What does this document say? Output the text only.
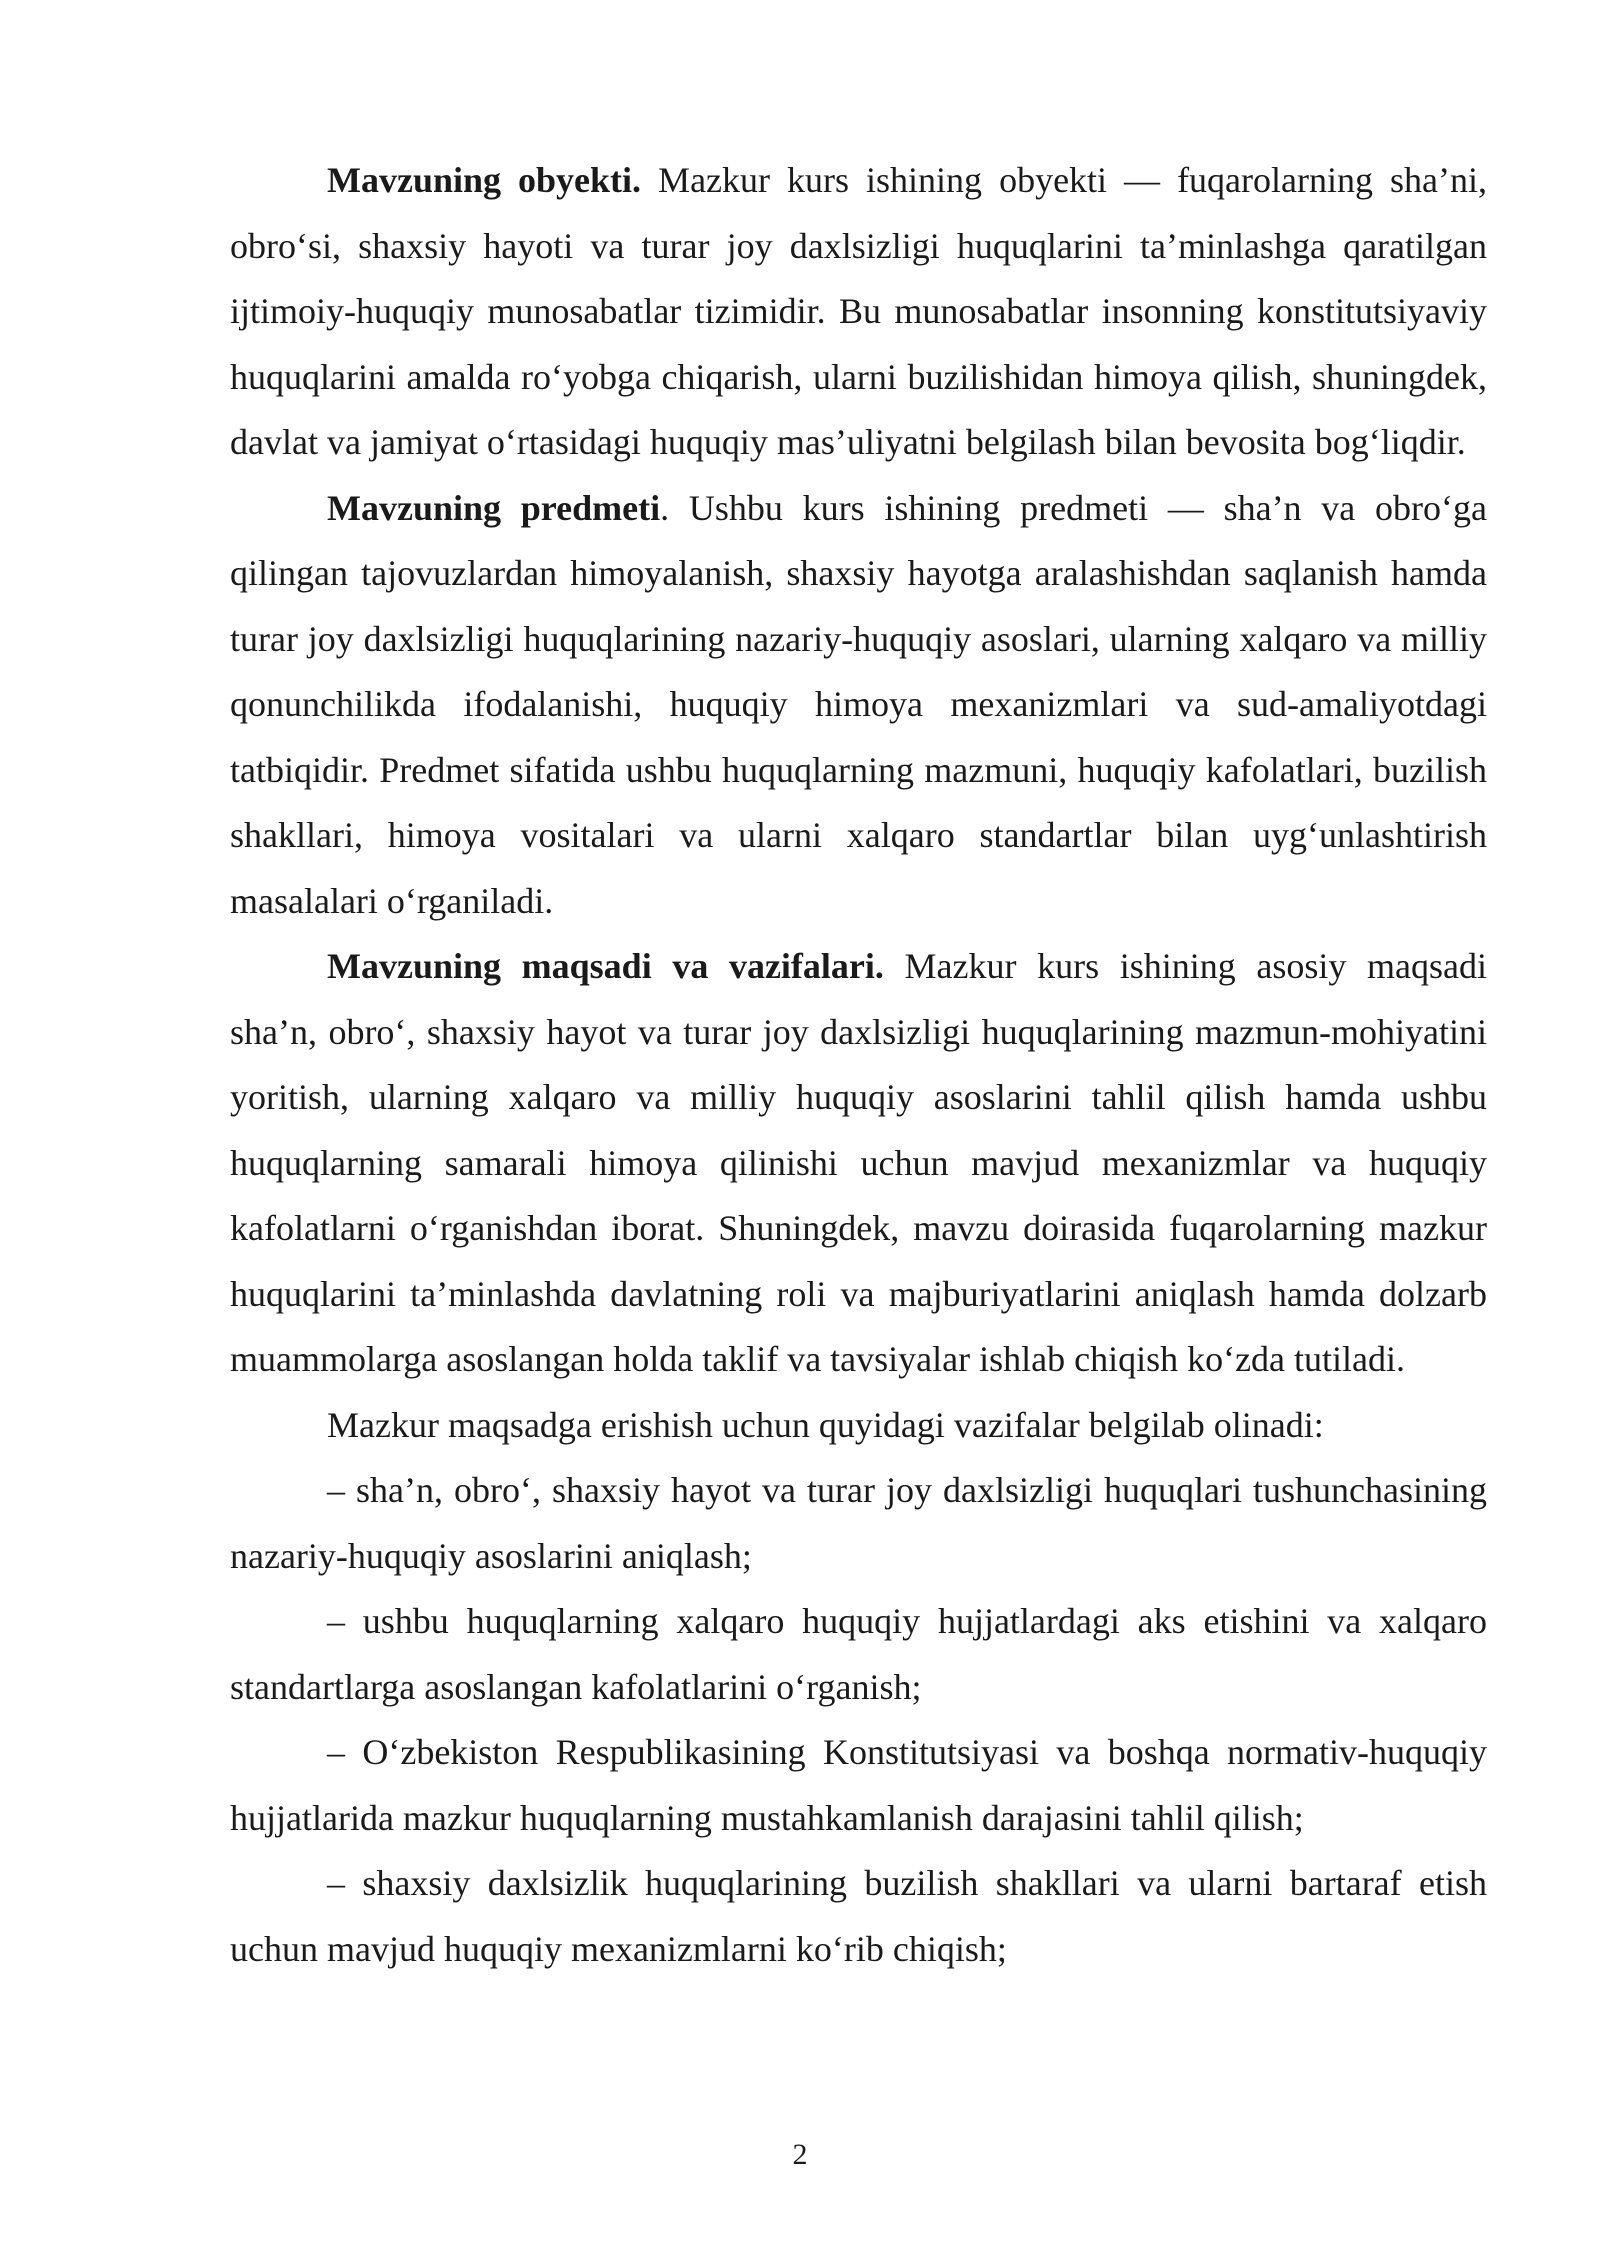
Mavzuning obyekti. Mazkur kurs ishining obyekti — fuqarolarning sha’ni, obro‘si, shaxsiy hayoti va turar joy daxlsizligi huquqlarini ta’minlashga qaratilgan ijtimoiy-huquqiy munosabatlar tizimidir. Bu munosabatlar insonning konstitutsiyaviy huquqlarini amalda ro‘yobga chiqarish, ularni buzilishidan himoya qilish, shuningdek, davlat va jamiyat o‘rtasidagi huquqiy mas’uliyatni belgilash bilan bevosita bog‘liqdir.

Mavzuning predmeti. Ushbu kurs ishining predmeti — sha’n va obro‘ga qilingan tajovuzlardan himoyalanish, shaxsiy hayotga aralashishdan saqlanish hamda turar joy daxlsizligi huquqlarining nazariy-huquqiy asoslari, ularning xalqaro va milliy qonunchilikda ifodalanishi, huquqiy himoya mexanizmlari va sud-amaliyotdagi tatbiqidir. Predmet sifatida ushbu huquqlarning mazmuni, huquqiy kafolatlari, buzilish shakllari, himoya vositalari va ularni xalqaro standartlar bilan uyg‘unlashtirish masalalari o‘rganiladi.

Mavzuning maqsadi va vazifalari. Mazkur kurs ishining asosiy maqsadi sha’n, obro‘, shaxsiy hayot va turar joy daxlsizligi huquqlarining mazmun-mohiyatini yoritish, ularning xalqaro va milliy huquqiy asoslarini tahlil qilish hamda ushbu huquqlarning samarali himoya qilinishi uchun mavjud mexanizmlar va huquqiy kafolatlarni o‘rganishdan iborat. Shuningdek, mavzu doirasida fuqarolarning mazkur huquqlarini ta’minlashda davlatning roli va majburiyatlarini aniqlash hamda dolzarb muammolarga asoslangan holda taklif va tavsiyalar ishlab chiqish ko‘zda tutiladi.

Mazkur maqsadga erishish uchun quyidagi vazifalar belgilab olinadi:

– sha’n, obro‘, shaxsiy hayot va turar joy daxlsizligi huquqlari tushunchasining nazariy-huquqiy asoslarini aniqlash;

– ushbu huquqlarning xalqaro huquqiy hujjatlardagi aks etishini va xalqaro standartlarga asoslangan kafolatlarini o‘rganish;

– O‘zbekiston Respublikasining Konstitutsiyasi va boshqa normativ-huquqiy hujjatlarida mazkur huquqlarning mustahkamlanish darajasini tahlil qilish;

– shaxsiy daxlsizlik huquqlarining buzilish shakllari va ularni bartaraf etish uchun mavjud huquqiy mexanizmlarni ko‘rib chiqish;

2
